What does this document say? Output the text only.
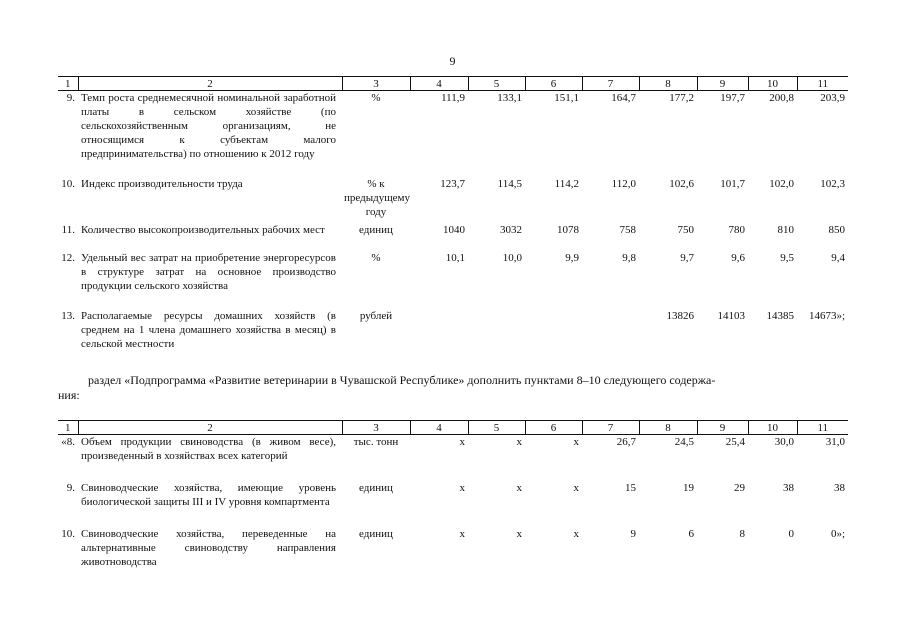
9
1	2	3	4	5	6	7	8	9	10	11
9.	Темп роста среднемесячной номинальной заработной платы в сельском хозяйстве (по сельскохозяйственным организациям, не относящимся к субъектам малого предпринимательства) по отношению к 2012 году	%	111,9	133,1	151,1	164,7	177,2	197,7	200,8	203,9
10.	Индекс производительности труда	% к предыдущему году	123,7	114,5	114,2	112,0	102,6	101,7	102,0	102,3
11.	Количество высокопроизводительных рабочих мест	единиц	1040	3032	1078	758	750	780	810	850
12.	Удельный вес затрат на приобретение энергоресурсов в структуре затрат на основное производство продукции сельского хозяйства	%	10,1	10,0	9,9	9,8	9,7	9,6	9,5	9,4
13.	Располагаемые ресурсы домашних хозяйств (в среднем на 1 члена домашнего хозяйства в месяц) в сельской местности	рублей					13826	14103	14385	14673»;
раздел «Подпрограмма «Развитие ветеринарии в Чувашской Республике» дополнить пунктами 8–10 следующего содержа-
ния:
1	2	3	4	5	6	7	8	9	10	11
«8.	Объем продукции свиноводства (в живом весе), произведенный в хозяйствах всех категорий	тыс. тонн	х	х	х	26,7	24,5	25,4	30,0	31,0
9.	Свиноводческие хозяйства, имеющие уровень биологической защиты III и IV уровня компартмента	единиц	х	х	х	15	19	29	38	38
10.	Свиноводческие хозяйства, переведенные на альтернативные свиноводству направления животноводства	единиц	х	х	х	9	6	8	0	0»;
